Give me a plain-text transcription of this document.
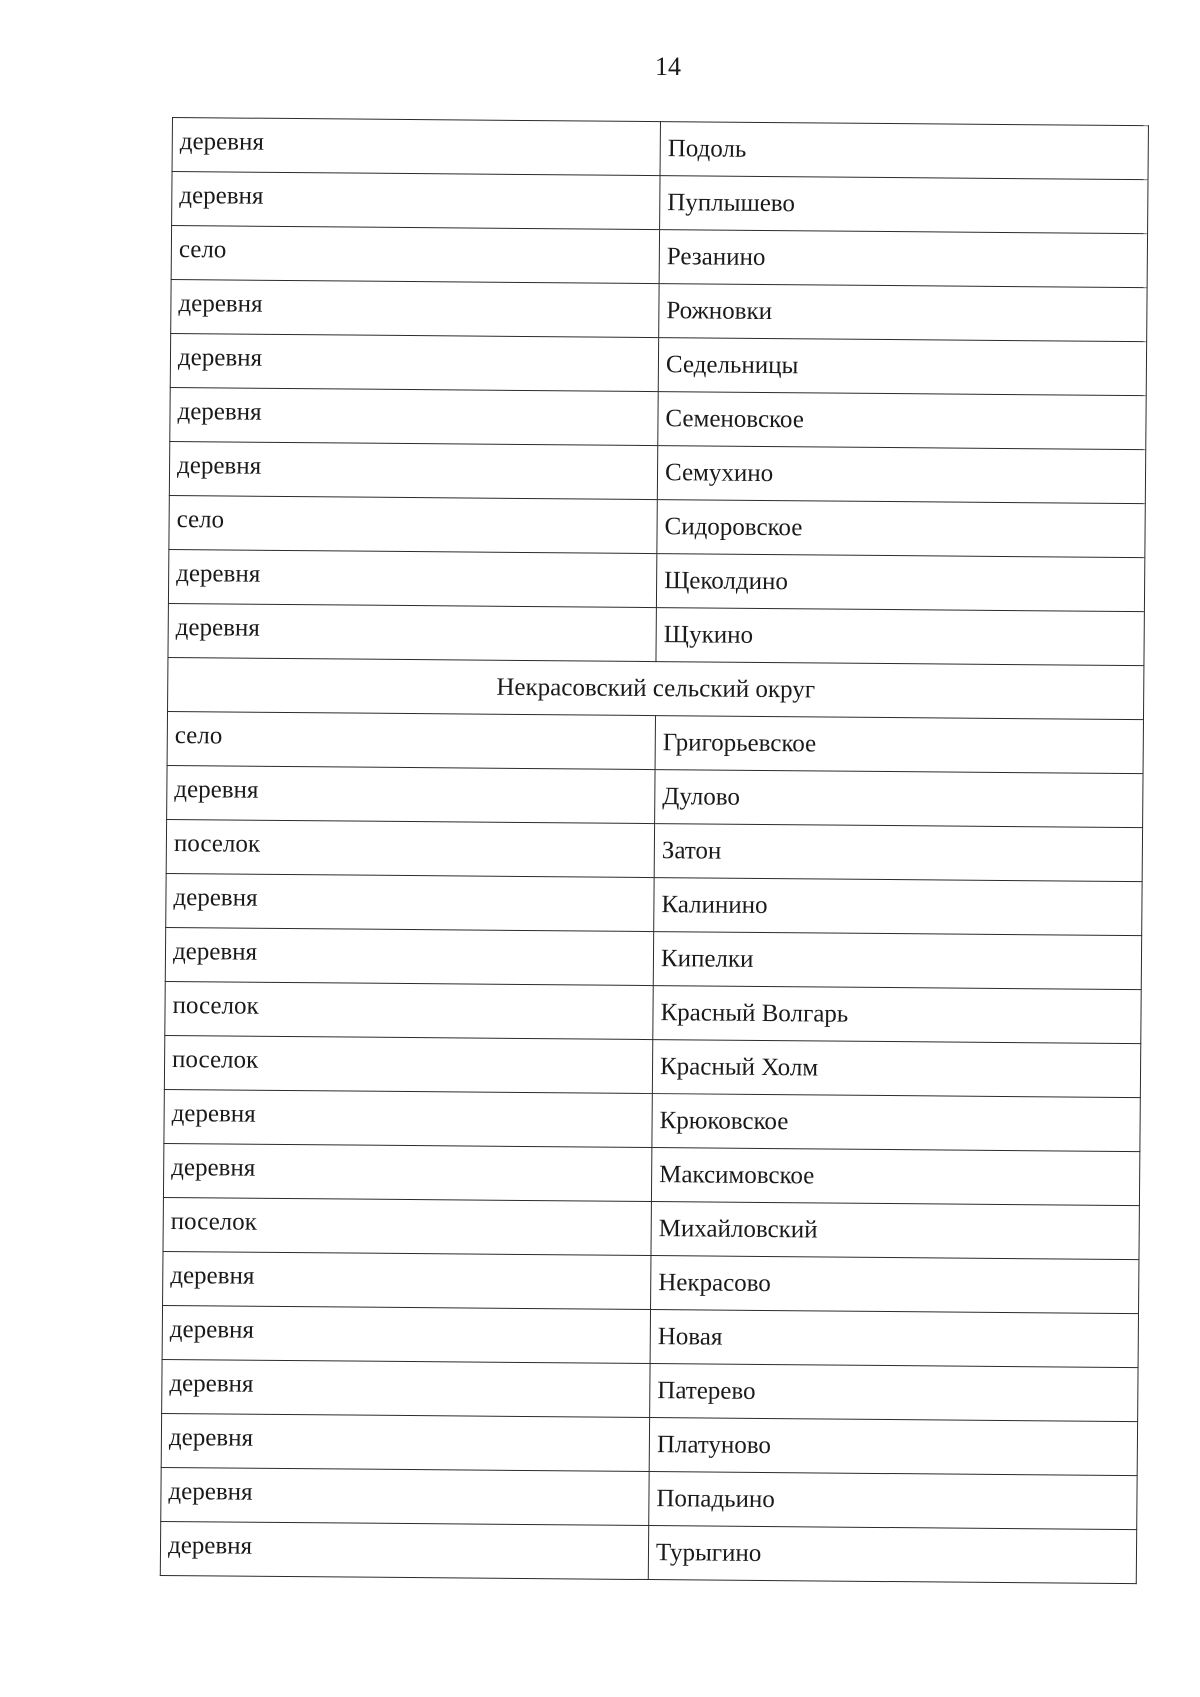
14
деревня	Подоль
деревня	Пуплышево
село	Резанино
деревня	Рожновки
деревня	Седельницы
деревня	Семеновское
деревня	Семухино
село	Сидоровское
деревня	Щеколдино
деревня	Щукино
Некрасовский сельский округ	
село	Григорьевское
деревня	Дулово
поселок	Затон
деревня	Калинино
деревня	Кипелки
поселок	Красный Волгарь
поселок	Красный Холм
деревня	Крюковское
деревня	Максимовское
поселок	Михайловский
деревня	Некрасово
деревня	Новая
деревня	Патерево
деревня	Платуново
деревня	Попадьино
деревня	Турыгино
